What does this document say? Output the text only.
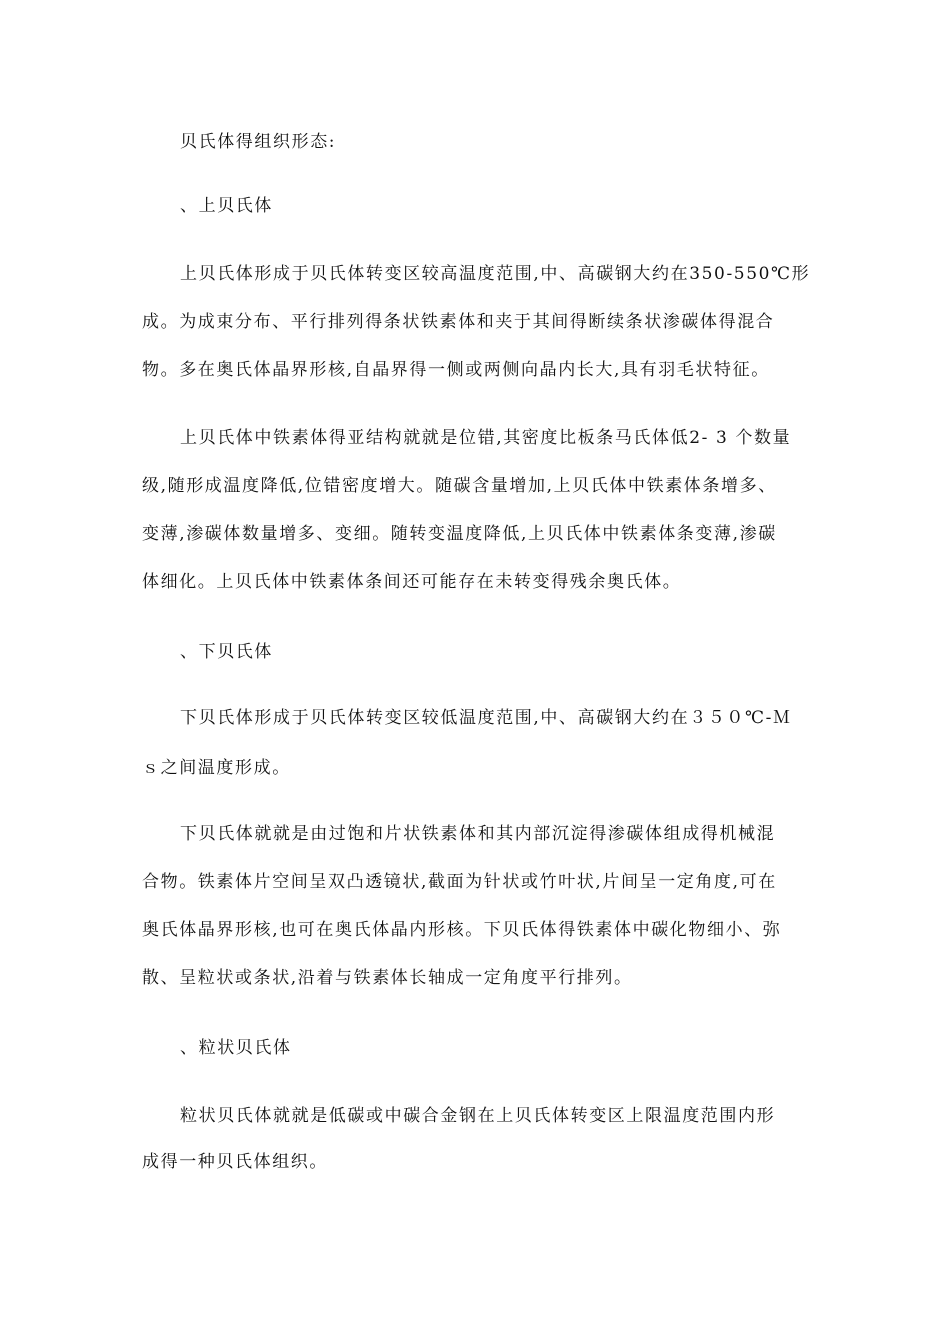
贝氏体得组织形态:
、上贝氏体
上贝氏体形成于贝氏体转变区较高温度范围,中、高碳钢大约在350-550℃形
成。为成束分布、平行排列得条状铁素体和夹于其间得断续条状渗碳体得混合
物。多在奥氏体晶界形核,自晶界得一侧或两侧向晶内长大,具有羽毛状特征。
上贝氏体中铁素体得亚结构就就是位错,其密度比板条马氏体低2- 3 个数量
级,随形成温度降低,位错密度增大。随碳含量增加,上贝氏体中铁素体条增多、
变薄,渗碳体数量增多、变细。随转变温度降低,上贝氏体中铁素体条变薄,渗碳
体细化。上贝氏体中铁素体条间还可能存在未转变得残余奥氏体。
、下贝氏体
下贝氏体形成于贝氏体转变区较低温度范围,中、高碳钢大约在３５０℃-Ｍ
ｓ之间温度形成。
下贝氏体就就是由过饱和片状铁素体和其内部沉淀得渗碳体组成得机械混
合物。铁素体片空间呈双凸透镜状,截面为针状或竹叶状,片间呈一定角度,可在
奥氏体晶界形核,也可在奥氏体晶内形核。下贝氏体得铁素体中碳化物细小、弥
散、呈粒状或条状,沿着与铁素体长轴成一定角度平行排列。
、粒状贝氏体
粒状贝氏体就就是低碳或中碳合金钢在上贝氏体转变区上限温度范围内形
成得一种贝氏体组织。
